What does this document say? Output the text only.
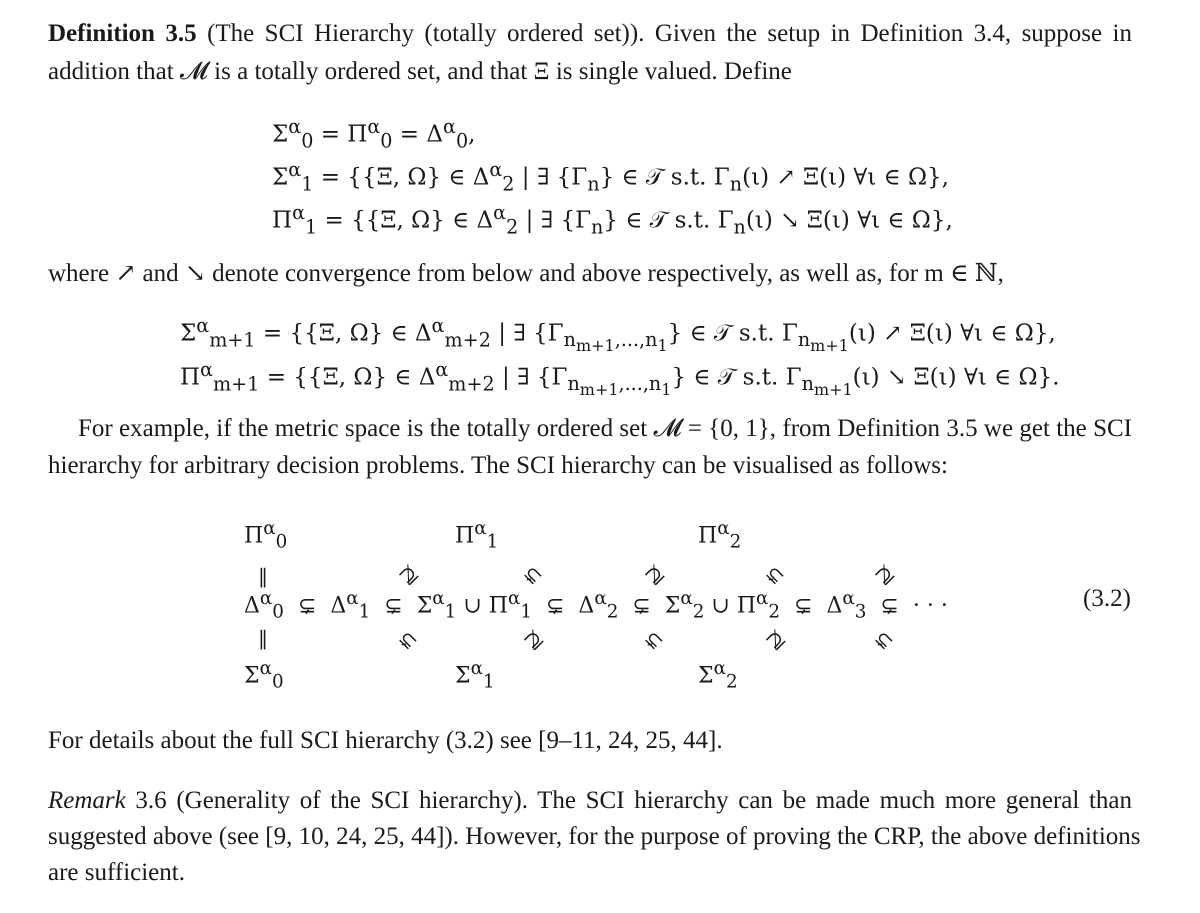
Definition 3.5 (The SCI Hierarchy (totally ordered set)). Given the setup in Definition 3.4, suppose in
addition that 𝓜 is a totally ordered set, and that Ξ is single valued. Define
$\Sigma^\alpha_0 = \Pi^\alpha_0 = \Delta^\alpha_0$,
$\Sigma^\alpha_1 = \{\{\Xi$, Ω} ∈ $\Delta^\alpha_2$ | ∃ $\{\Gamma_n\}$ ∈ 𝒯 s.t. $\Gamma_n(\iota)$ ↗ Ξ(ι) ∀ι ∈ Ω},
$\Pi^\alpha_1 = \{\{\Xi$, Ω} ∈ $\Delta^\alpha_2$ | ∃ $\{\Gamma_n\}$ ∈ 𝒯 s.t. $\Gamma_n(\iota)$ ↘ Ξ(ι) ∀ι ∈ Ω},
where ↗ and ↘ denote convergence from below and above respectively, as well as, for m ∈ ℕ,
$\Sigma^\alpha_{m+1} = \{\{\Xi$, Ω} ∈ $\Delta^\alpha_{m+2}$ | ∃ $\{\Gamma_{n_{m+1},...,n_1}\}$ ∈ 𝒯 s.t. $\Gamma_{n_{m+1}}(\iota)$ ↗ Ξ(ι) ∀ι ∈ Ω},
$\Pi^\alpha_{m+1} = \{\{\Xi$, Ω} ∈ $\Delta^\alpha_{m+2}$ | ∃ $\{\Gamma_{n_{m+1},...,n_1}\}$ ∈ 𝒯 s.t. $\Gamma_{n_{m+1}}(\iota)$ ↘ Ξ(ι) ∀ι ∈ Ω}.
For example, if the metric space is the totally ordered set 𝓜 = {0, 1}, from Definition 3.5 we get the SCI
hierarchy for arbitrary decision problems. The SCI hierarchy can be visualised as follows:
$\Pi^\alpha_0$	$\Pi^\alpha_1$	$\Pi^\alpha_2$
‖
‖
⊉	⊊	⊉	⊊	⊉
$\Delta^\alpha_0$  ⊊  $\Delta^\alpha_1$  ⊊  $\Sigma^\alpha_1$ ∪ $\Pi^\alpha_1$  ⊊  $\Delta^\alpha_2$  ⊊  $\Sigma^\alpha_2$ ∪ $\Pi^\alpha_2$  ⊊  $\Delta^\alpha_3$  ⊊  · · ·	(3.2)
⊊	⊉	⊊	⊉	⊊
$\Sigma^\alpha_0$	$\Sigma^\alpha_1$	$\Sigma^\alpha_2$
For details about the full SCI hierarchy (3.2) see [9–11, 24, 25, 44].
Remark 3.6 (Generality of the SCI hierarchy). The SCI hierarchy can be made much more general than
suggested above (see [9, 10, 24, 25, 44]). However, for the purpose of proving the CRP, the above definitions
are sufficient.
